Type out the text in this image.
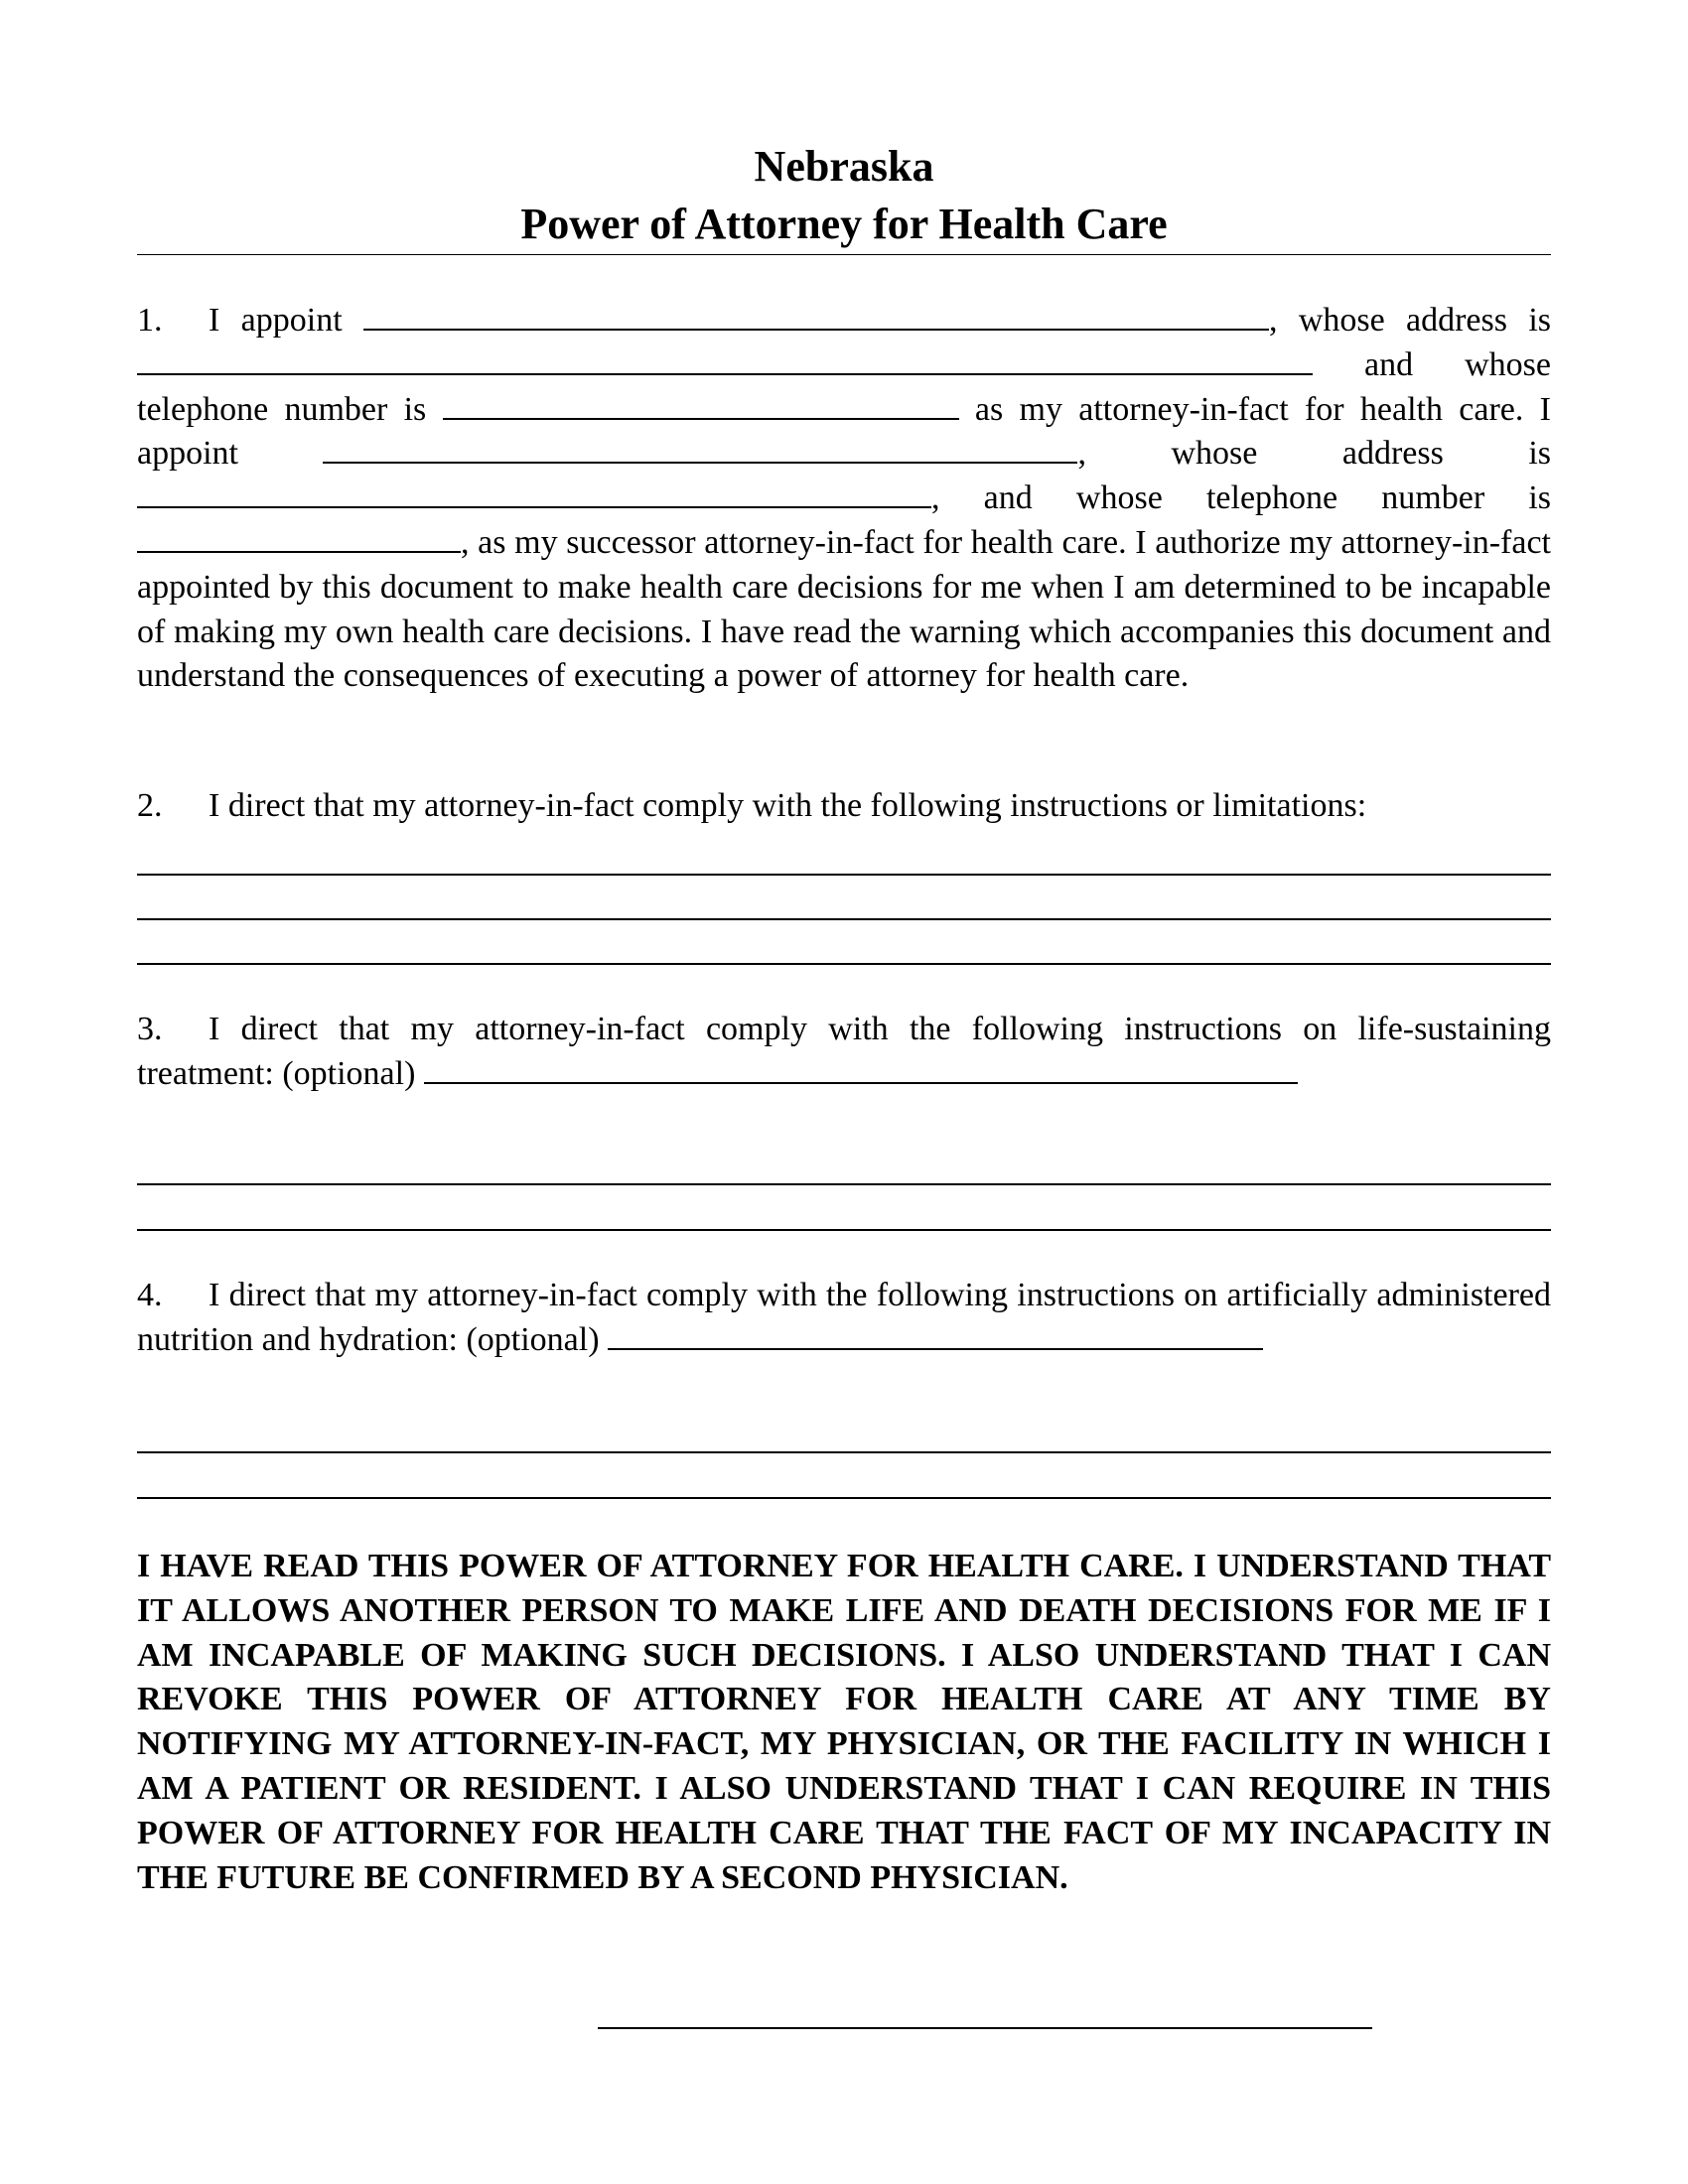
Nebraska
Power of Attorney for Health Care
1. I appoint	, whose address is  and whose telephone number is	as my attorney-in-fact for health care. I appoint	, whose address is , and whose telephone number is , as my successor attorney-in-fact for health care. I authorize my attorney-in-fact appointed by this document to make health care decisions for me when I am determined to be incapable of making my own health care decisions. I have read the warning which accompanies this document and understand the consequences of executing a power of attorney for health care.
2. I direct that my attorney-in-fact comply with the following instructions or limitations:
3. I direct that my attorney-in-fact comply with the following instructions on life-sustaining treatment: (optional)
4. I direct that my attorney-in-fact comply with the following instructions on artificially administered nutrition and hydration: (optional)
I HAVE READ THIS POWER OF ATTORNEY FOR HEALTH CARE. I UNDERSTAND THAT IT ALLOWS ANOTHER PERSON TO MAKE LIFE AND DEATH DECISIONS FOR ME IF I AM INCAPABLE OF MAKING SUCH DECISIONS. I ALSO UNDERSTAND THAT I CAN REVOKE THIS POWER OF ATTORNEY FOR HEALTH CARE AT ANY TIME BY NOTIFYING MY ATTORNEY-IN-FACT, MY PHYSICIAN, OR THE FACILITY IN WHICH I AM A PATIENT OR RESIDENT. I ALSO UNDERSTAND THAT I CAN REQUIRE IN THIS POWER OF ATTORNEY FOR HEALTH CARE THAT THE FACT OF MY INCAPACITY IN THE FUTURE BE CONFIRMED BY A SECOND PHYSICIAN.
